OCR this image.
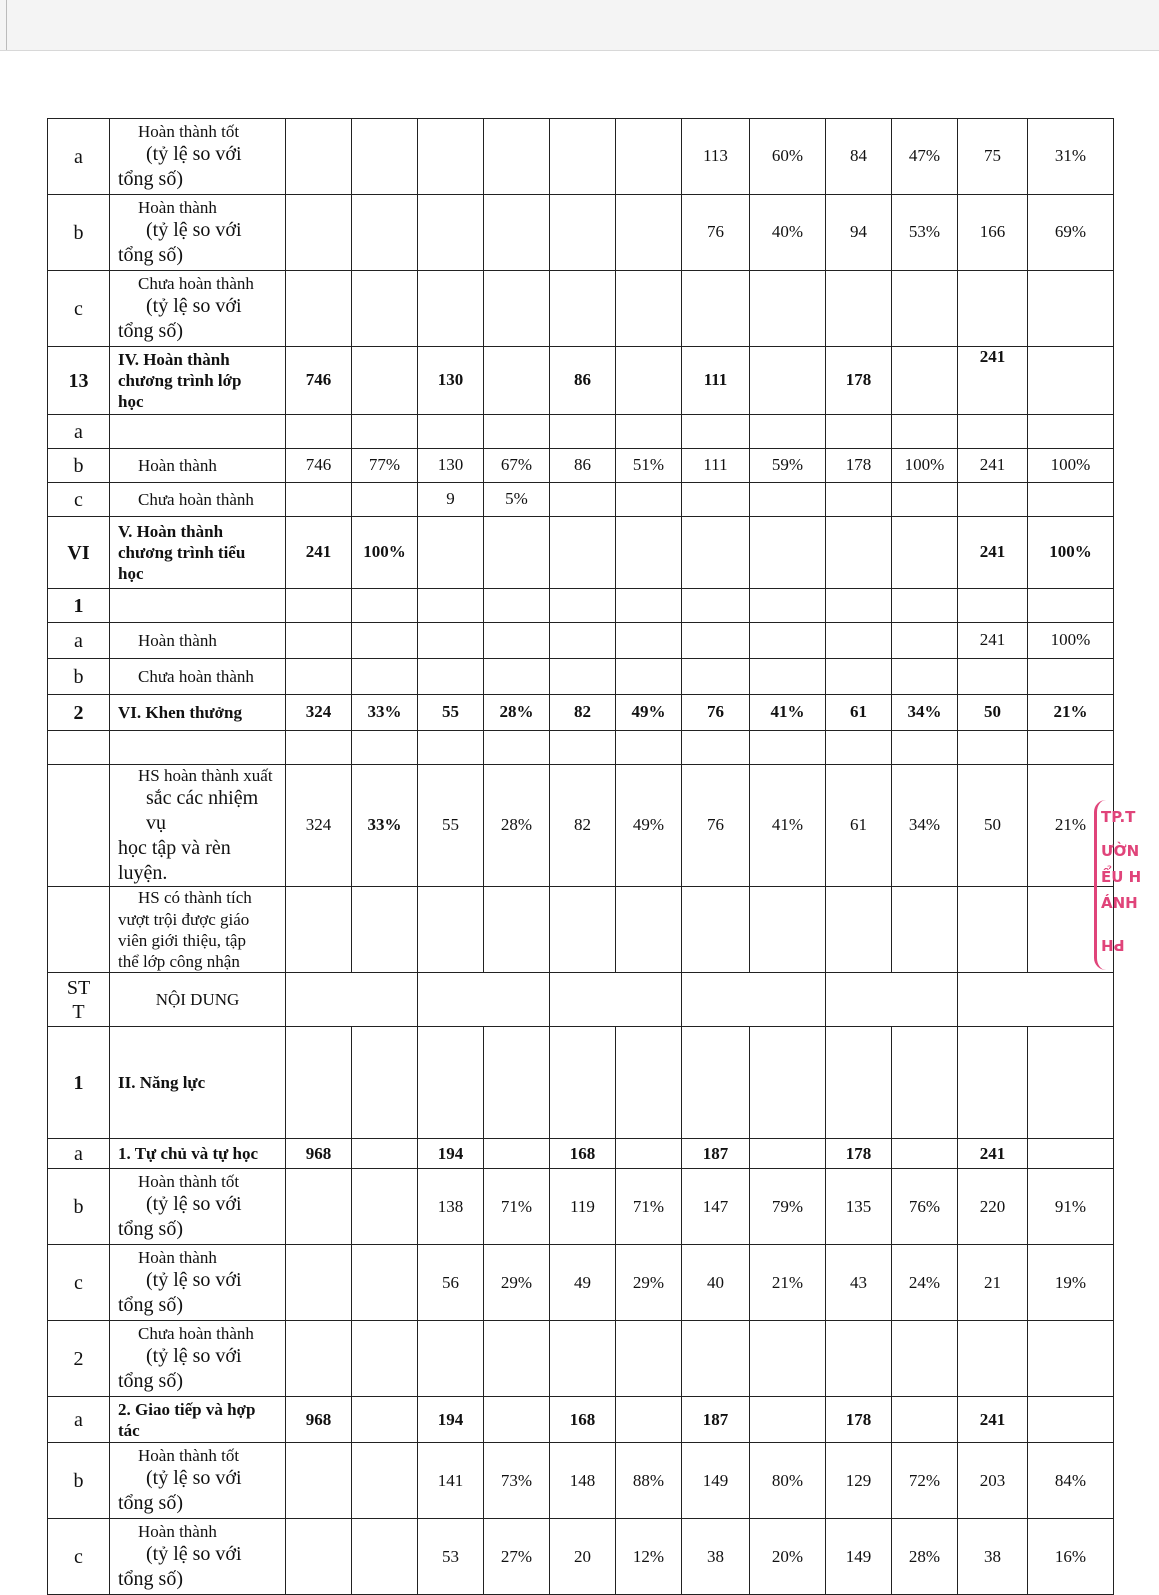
a	Hoàn thành tốt
(tỷ lệ so với
tổng số)							113	60%	84	47%	75	31%
b	Hoàn thành
(tỷ lệ so với
tổng số)							76	40%	94	53%	166	69%
c	Chưa hoàn thành
(tỷ lệ so với
tổng số)												

13	IV. Hoàn thành
chương trình lớp
học	746		130		86		111		178		241	
a	

b	Hoàn thành	746	77%	130	67%	86	51%	111	59%	178	100%	241	100%
c	Chưa hoàn thành			9	5%								
VI	V. Hoàn thành
chương trình tiểu
học	241	100%									241	100%
1	

a	Hoàn thành											241	100%
b	Chưa hoàn thành												

2	VI. Khen thưởng	324	33%	55	28%	82	49%	76	41%	61	34%	50	21%

	HS hoàn thành xuất
sắc các nhiệm vụ
học tập và rèn luyện.	324	33%	55	28%	82	49%	76	41%	61	34%	50	21%

	HS có thành tích
vượt trội được giáo
viên giới thiệu, tập
thể lớp công nhận												

ST
T	NỘI DUNG												

1	II. Năng lực												

a	1. Tự chủ và tự học	968		194		168		187		178		241	
b	Hoàn thành tốt
(tỷ lệ so với
tổng số)			138	71%	119	71%	147	79%	135	76%	220	91%
c	Hoàn thành
(tỷ lệ so với
tổng số)			56	29%	49	29%	40	21%	43	24%	21	19%
2	Chưa hoàn thành
(tỷ lệ so với
tổng số)												

a	2. Giao tiếp và hợp
tác	968		194		168		187		178		241	
b	Hoàn thành tốt
(tỷ lệ so với
tổng số)			141	73%	148	88%	149	80%	129	72%	203	84%
c	Hoàn thành
(tỷ lệ so với
tổng số)			53	27%	20	12%	38	20%	149	28%	38	16%
TP.T
ƯỜN
ỂU H
ÁNH
PH
